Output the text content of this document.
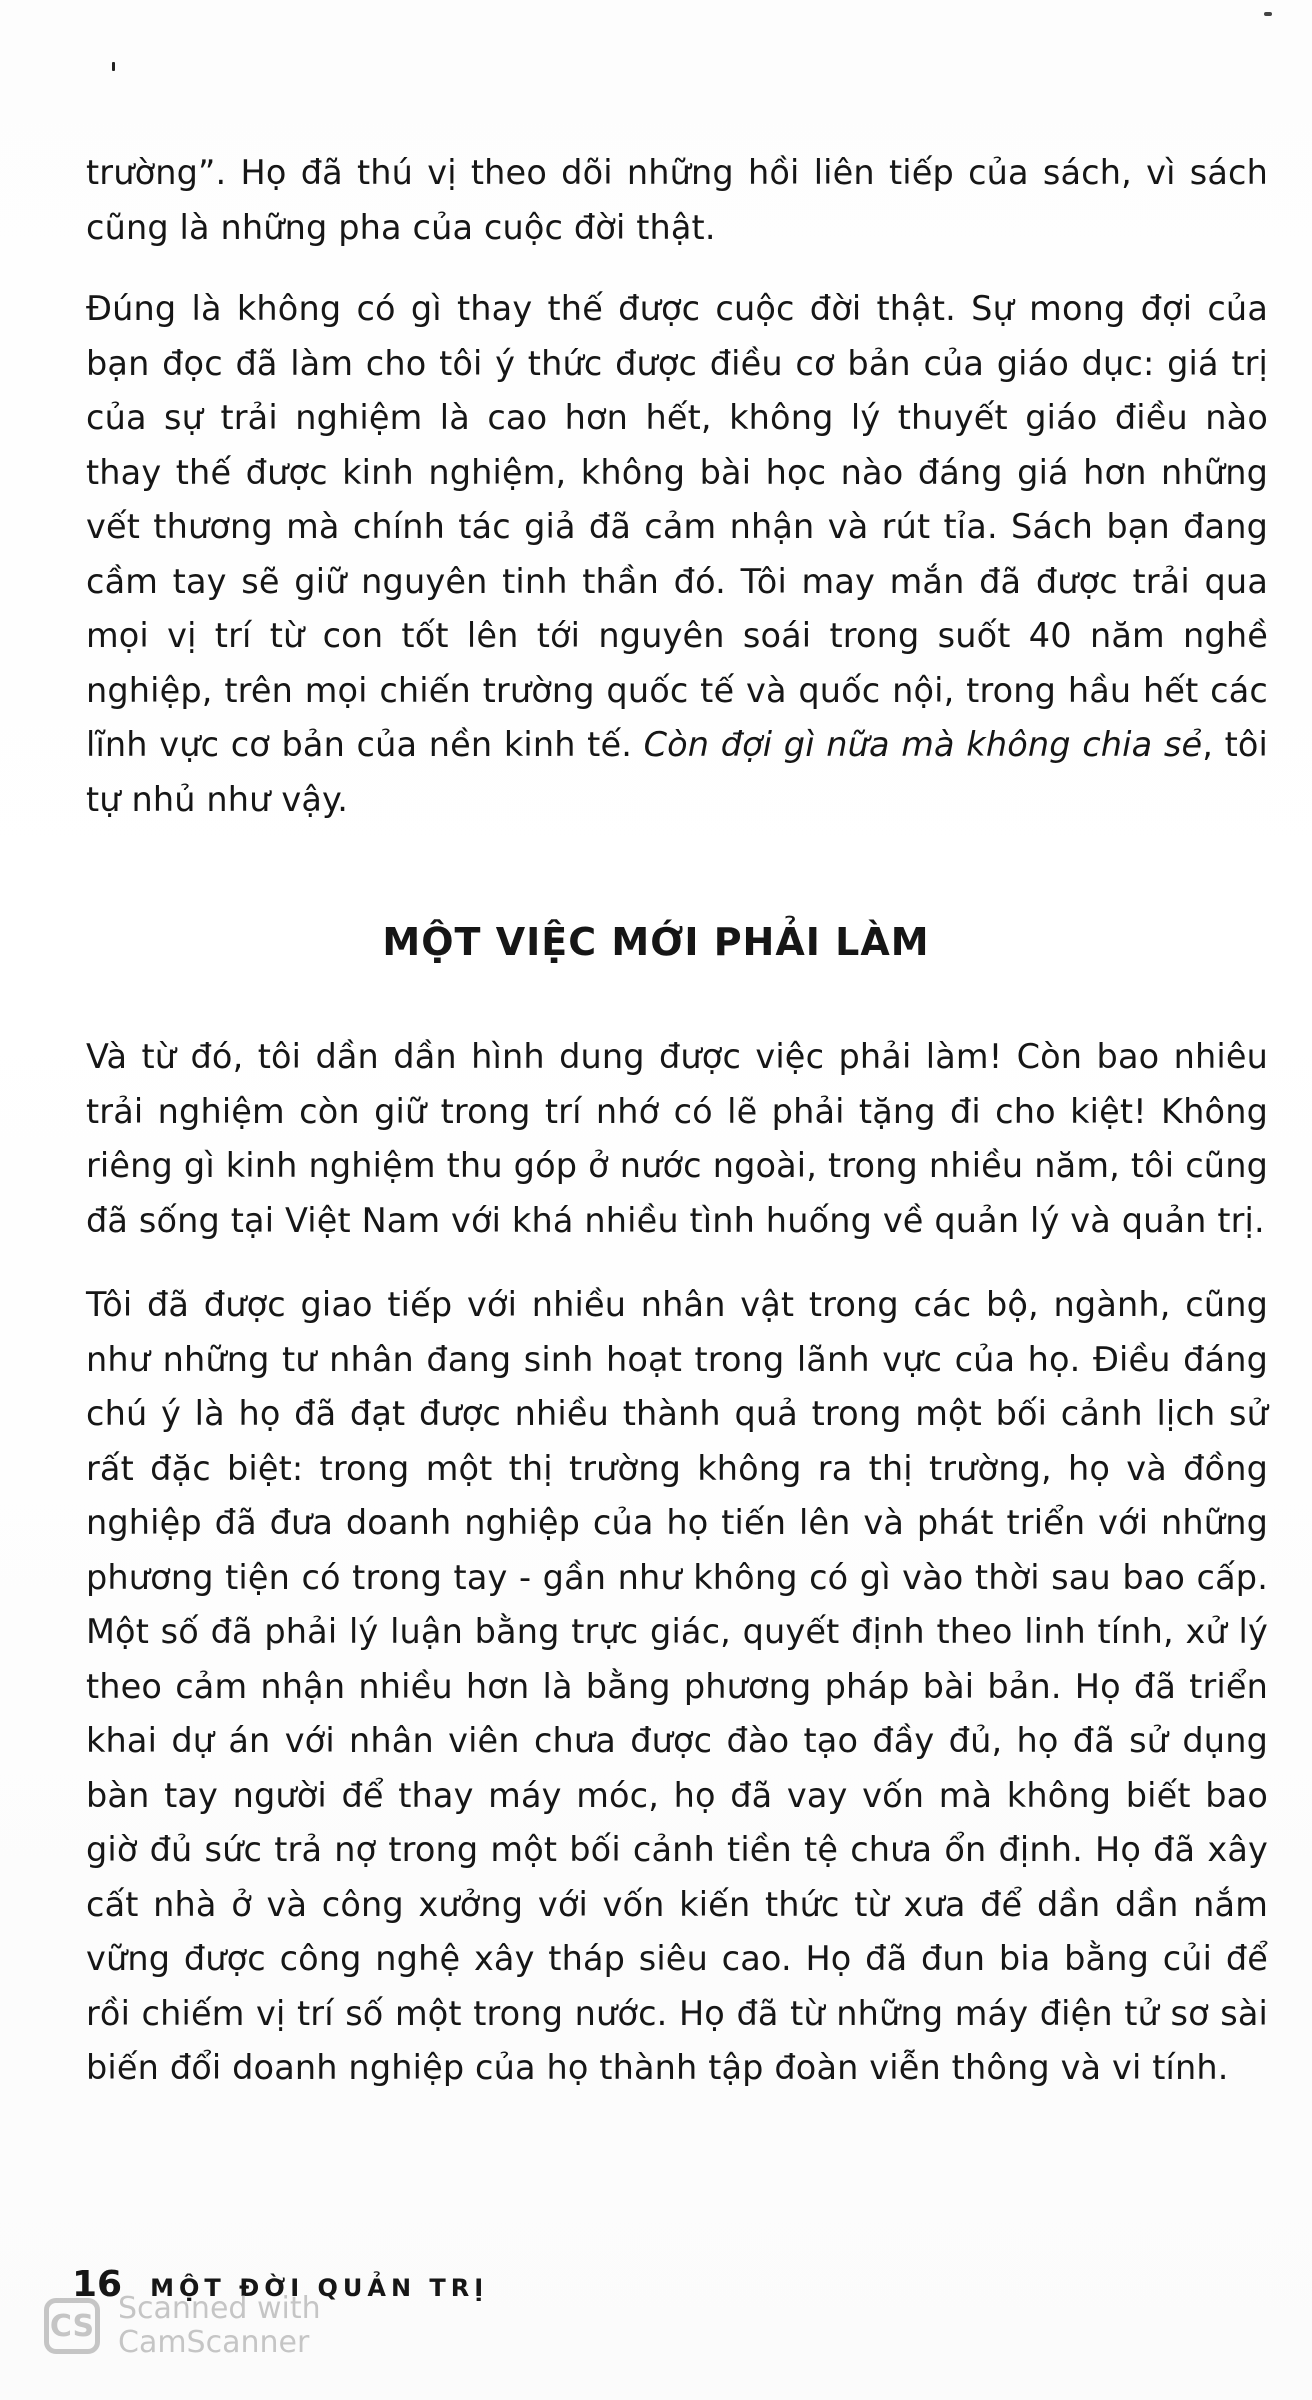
trường”. Họ đã thú vị theo dõi những hồi liên tiếp của sách, vì sách cũng là những pha của cuộc đời thật.

Đúng là không có gì thay thế được cuộc đời thật. Sự mong đợi của bạn đọc đã làm cho tôi ý thức được điều cơ bản của giáo dục: giá trị của sự trải nghiệm là cao hơn hết, không lý thuyết giáo điều nào thay thế được kinh nghiệm, không bài học nào đáng giá hơn những vết thương mà chính tác giả đã cảm nhận và rút tỉa. Sách bạn đang cầm tay sẽ giữ nguyên tinh thần đó. Tôi may mắn đã được trải qua mọi vị trí từ con tốt lên tới nguyên soái trong suốt 40 năm nghề nghiệp, trên mọi chiến trường quốc tế và quốc nội, trong hầu hết các lĩnh vực cơ bản của nền kinh tế. Còn đợi gì nữa mà không chia sẻ, tôi tự nhủ như vậy.

MỘT VIỆC MỚI PHẢI LÀM

Và từ đó, tôi dần dần hình dung được việc phải làm! Còn bao nhiêu trải nghiệm còn giữ trong trí nhớ có lẽ phải tặng đi cho kiệt! Không riêng gì kinh nghiệm thu góp ở nước ngoài, trong nhiều năm, tôi cũng đã sống tại Việt Nam với khá nhiều tình huống về quản lý và quản trị.

Tôi đã được giao tiếp với nhiều nhân vật trong các bộ, ngành, cũng như những tư nhân đang sinh hoạt trong lãnh vực của họ. Điều đáng chú ý là họ đã đạt được nhiều thành quả trong một bối cảnh lịch sử rất đặc biệt: trong một thị trường không ra thị trường, họ và đồng nghiệp đã đưa doanh nghiệp của họ tiến lên và phát triển với những phương tiện có trong tay - gần như không có gì vào thời sau bao cấp. Một số đã phải lý luận bằng trực giác, quyết định theo linh tính, xử lý theo cảm nhận nhiều hơn là bằng phương pháp bài bản. Họ đã triển khai dự án với nhân viên chưa được đào tạo đầy đủ, họ đã sử dụng bàn tay người để thay máy móc, họ đã vay vốn mà không biết bao giờ đủ sức trả nợ trong một bối cảnh tiền tệ chưa ổn định. Họ đã xây cất nhà ở và công xưởng với vốn kiến thức từ xưa để dần dần nắm vững được công nghệ xây tháp siêu cao. Họ đã đun bia bằng củi để rồi chiếm vị trí số một trong nước. Họ đã từ những máy điện tử sơ sài biến đổi doanh nghiệp của họ thành tập đoàn viễn thông và vi tính.

16 MỘT ĐỜI QUẢN TRỊ
CS Scanned with
CamScanner
